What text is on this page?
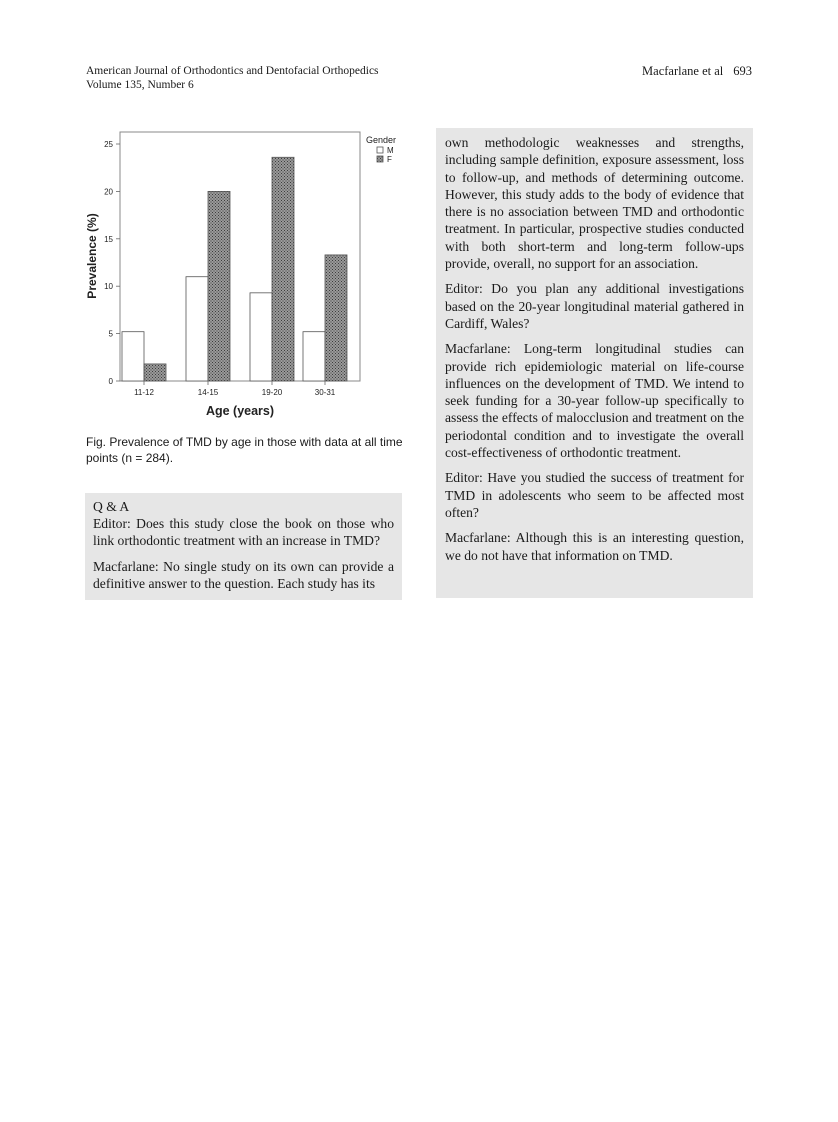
American Journal of Orthodontics and Dentofacial Orthopedics
Volume 135, Number 6
Macfarlane et al 693
0
5
10
15
20
25
11-12	14-15	19-20	30-31
Prevalence (%)
Age (years)
Gender
M
F
Fig. Prevalence of TMD by age in those with data at all time points (n = 284).
Q & A

Editor: Does this study close the book on those who link orthodontic treatment with an increase in TMD?

Macfarlane: No single study on its own can provide a definitive answer to the question. Each study has its

own methodologic weaknesses and strengths, including sample definition, exposure assessment, loss to follow-up, and methods of determining outcome. However, this study adds to the body of evidence that there is no association between TMD and orthodontic treatment. In particular, prospective studies conducted with both short-term and long-term follow-ups provide, overall, no support for an association.

Editor: Do you plan any additional investigations based on the 20-year longitudinal material gathered in Cardiff, Wales?

Macfarlane: Long-term longitudinal studies can provide rich epidemiologic material on life-course influences on the development of TMD. We intend to seek funding for a 30-year follow-up specifically to assess the effects of malocclusion and treatment on the periodontal condition and to investigate the overall cost-effectiveness of orthodontic treatment.

Editor: Have you studied the success of treatment for TMD in adolescents who seem to be affected most often?

Macfarlane: Although this is an interesting question, we do not have that information on TMD.
